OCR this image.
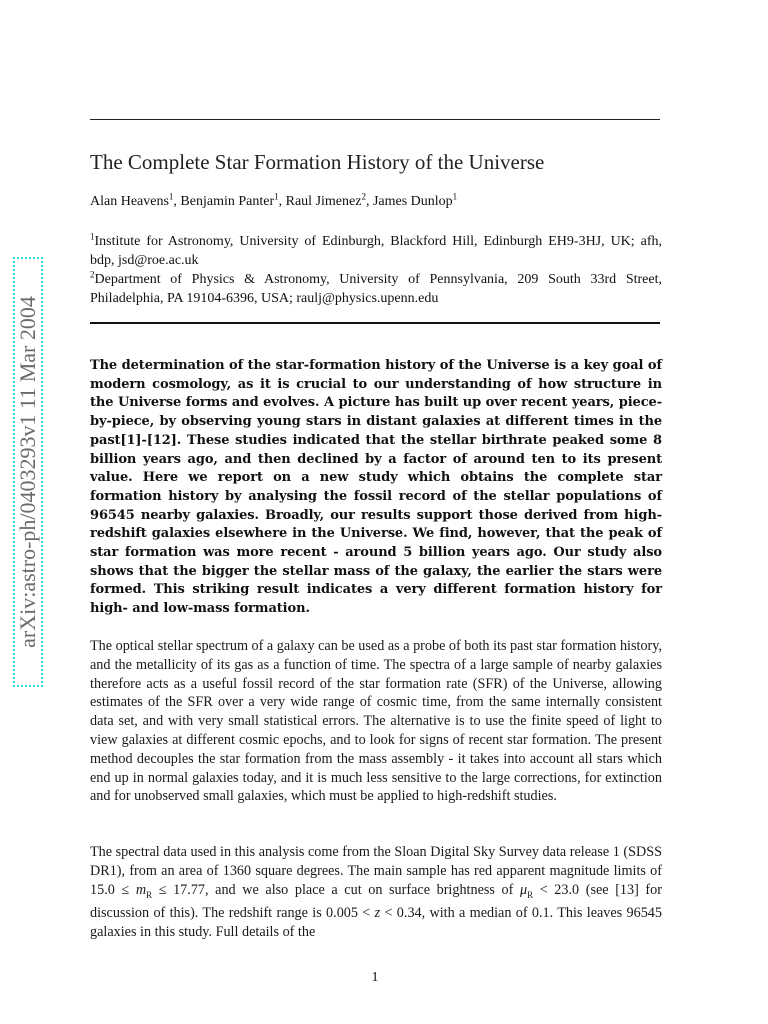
arXiv:astro-ph/0403293v1 11 Mar 2004
The Complete Star Formation History of the Universe
Alan Heavens$^1$, Benjamin Panter$^1$, Raul Jimenez$^2$, James Dunlop$^1$
$^1$Institute for Astronomy, University of Edinburgh, Blackford Hill, Edinburgh EH9-3HJ, UK; afh, bdp, jsd@roe.ac.uk
$^2$Department of Physics & Astronomy, University of Pennsylvania, 209 South 33rd Street, Philadelphia, PA 19104-6396, USA; raulj@physics.upenn.edu
The determination of the star-formation history of the Universe is a key goal of modern cosmology, as it is crucial to our understanding of how structure in the Universe forms and evolves. A picture has built up over recent years, piece-by-piece, by observing young stars in distant galaxies at different times in the past[1]-[12]. These studies indicated that the stellar birthrate peaked some 8 billion years ago, and then declined by a factor of around ten to its present value. Here we report on a new study which obtains the complete star formation history by analysing the fossil record of the stellar populations of 96545 nearby galaxies. Broadly, our results support those derived from high-redshift galaxies elsewhere in the Universe. We find, however, that the peak of star formation was more recent - around 5 billion years ago. Our study also shows that the bigger the stellar mass of the galaxy, the earlier the stars were formed. This striking result indicates a very different formation history for high- and low-mass formation.
The optical stellar spectrum of a galaxy can be used as a probe of both its past star formation history, and the metallicity of its gas as a function of time. The spectra of a large sample of nearby galaxies therefore acts as a useful fossil record of the star formation rate (SFR) of the Universe, allowing estimates of the SFR over a very wide range of cosmic time, from the same internally consistent data set, and with very small statistical errors. The alternative is to use the finite speed of light to view galaxies at different cosmic epochs, and to look for signs of recent star formation. The present method decouples the star formation from the mass assembly - it takes into account all stars which end up in normal galaxies today, and it is much less sensitive to the large corrections, for extinction and for unobserved small galaxies, which must be applied to high-redshift studies.
The spectral data used in this analysis come from the Sloan Digital Sky Survey data release 1 (SDSS DR1), from an area of 1360 square degrees. The main sample has red apparent magnitude limits of $15.0 \le m_R \le 17.77$, and we also place a cut on surface brightness of $\mu_R < 23.0$ (see [13] for discussion of this). The redshift range is 0.005 < z < 0.34, with a median of 0.1. This leaves 96545 galaxies in this study. Full details of the
1
